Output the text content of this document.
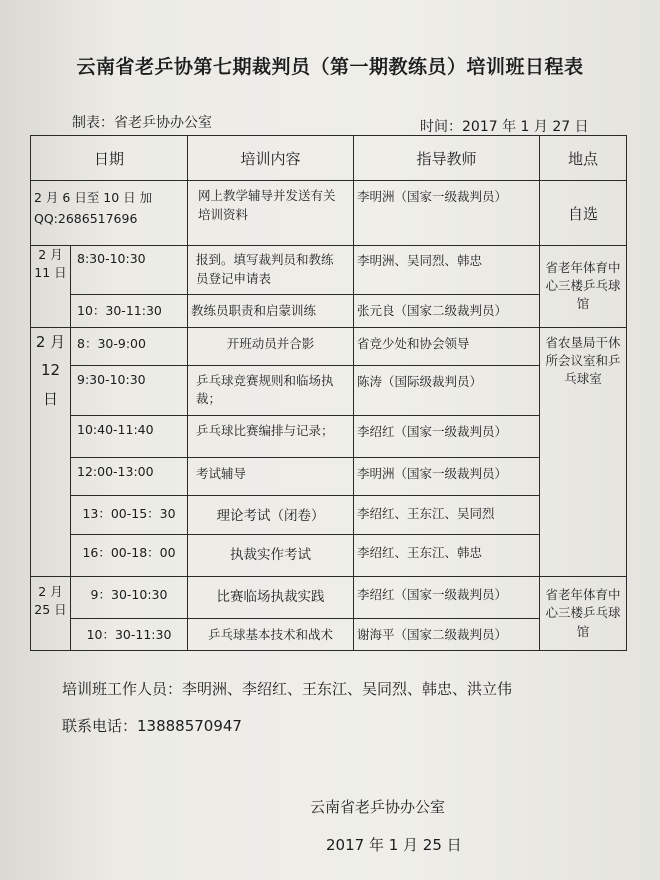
云南省老乒协第七期裁判员（第一期教练员）培训班日程表
制表：省老乒协办公室	时间：2017 年 1 月 27 日
日期		培训内容	指导教师	地点
2 月 6 日至 10 日 加 QQ:2686517696		网上教学辅导并发送有关培训资料	李明洲（国家一级裁判员）	自选
2 月 11 日	8:30-10:30	报到。填写裁判员和教练员登记申请表	李明洲、吴同烈、韩忠	省老年体育中心三楼乒乓球馆
	10：30-11:30	教练员职责和启蒙训练	张元良（国家二级裁判员）	
2 月 12 日	8：30-9:00	开班动员并合影	省竞少处和协会领导	省农垦局干休所会议室和乒乓球室
	9:30-10:30	乒乓球竞赛规则和临场执裁；	陈涛（国际级裁判员）	
	10:40-11:40	乒乓球比赛编排与记录；	李绍红（国家一级裁判员）	
	12:00-13:00	考试辅导	李明洲（国家一级裁判员）	
	13：00-15：30	理论考试（闭卷）	李绍红、王东江、吴同烈	
	16：00-18：00	执裁实作考试	李绍红、王东江、韩忠	
2 月 25 日	9：30-10:30	比赛临场执裁实践	李绍红（国家一级裁判员）	省老年体育中心三楼乒乓球馆
	10：30-11:30	乒乓球基本技术和战术	谢海平（国家二级裁判员）	
培训班工作人员：李明洲、李绍红、王东江、吴同烈、韩忠、洪立伟
联系电话：13888570947
云南省老乒协办公室
2017 年 1 月 25 日
